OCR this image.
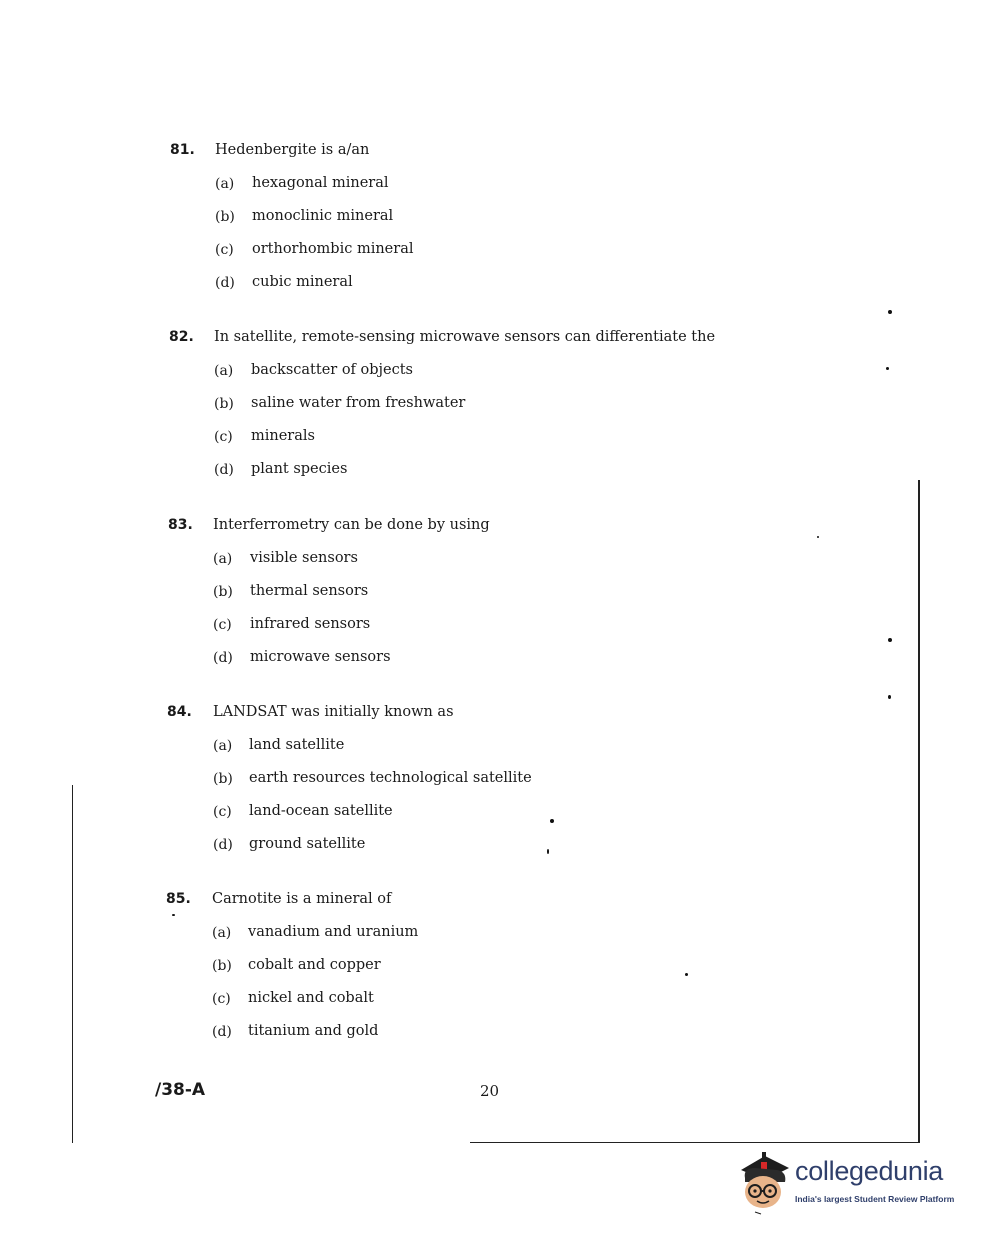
81. Hedenbergite is a/an
(a) hexagonal mineral
(b) monoclinic mineral
(c) orthorhombic mineral
(d) cubic mineral
82. In satellite, remote-sensing microwave sensors can differentiate the
(a) backscatter of objects
(b) saline water from freshwater
(c) minerals
(d) plant species
83. Interferrometry can be done by using
(a) visible sensors
(b) thermal sensors
(c) infrared sensors
(d) microwave sensors
84. LANDSAT was initially known as
(a) land satellite
(b) earth resources technological satellite
(c) land-ocean satellite
(d) ground satellite
85. Carnotite is a mineral of
(a) vanadium and uranium
(b) cobalt and copper
(c) nickel and cobalt
(d) titanium and gold
/38-A	20
collegedunia
India's largest Student Review Platform
